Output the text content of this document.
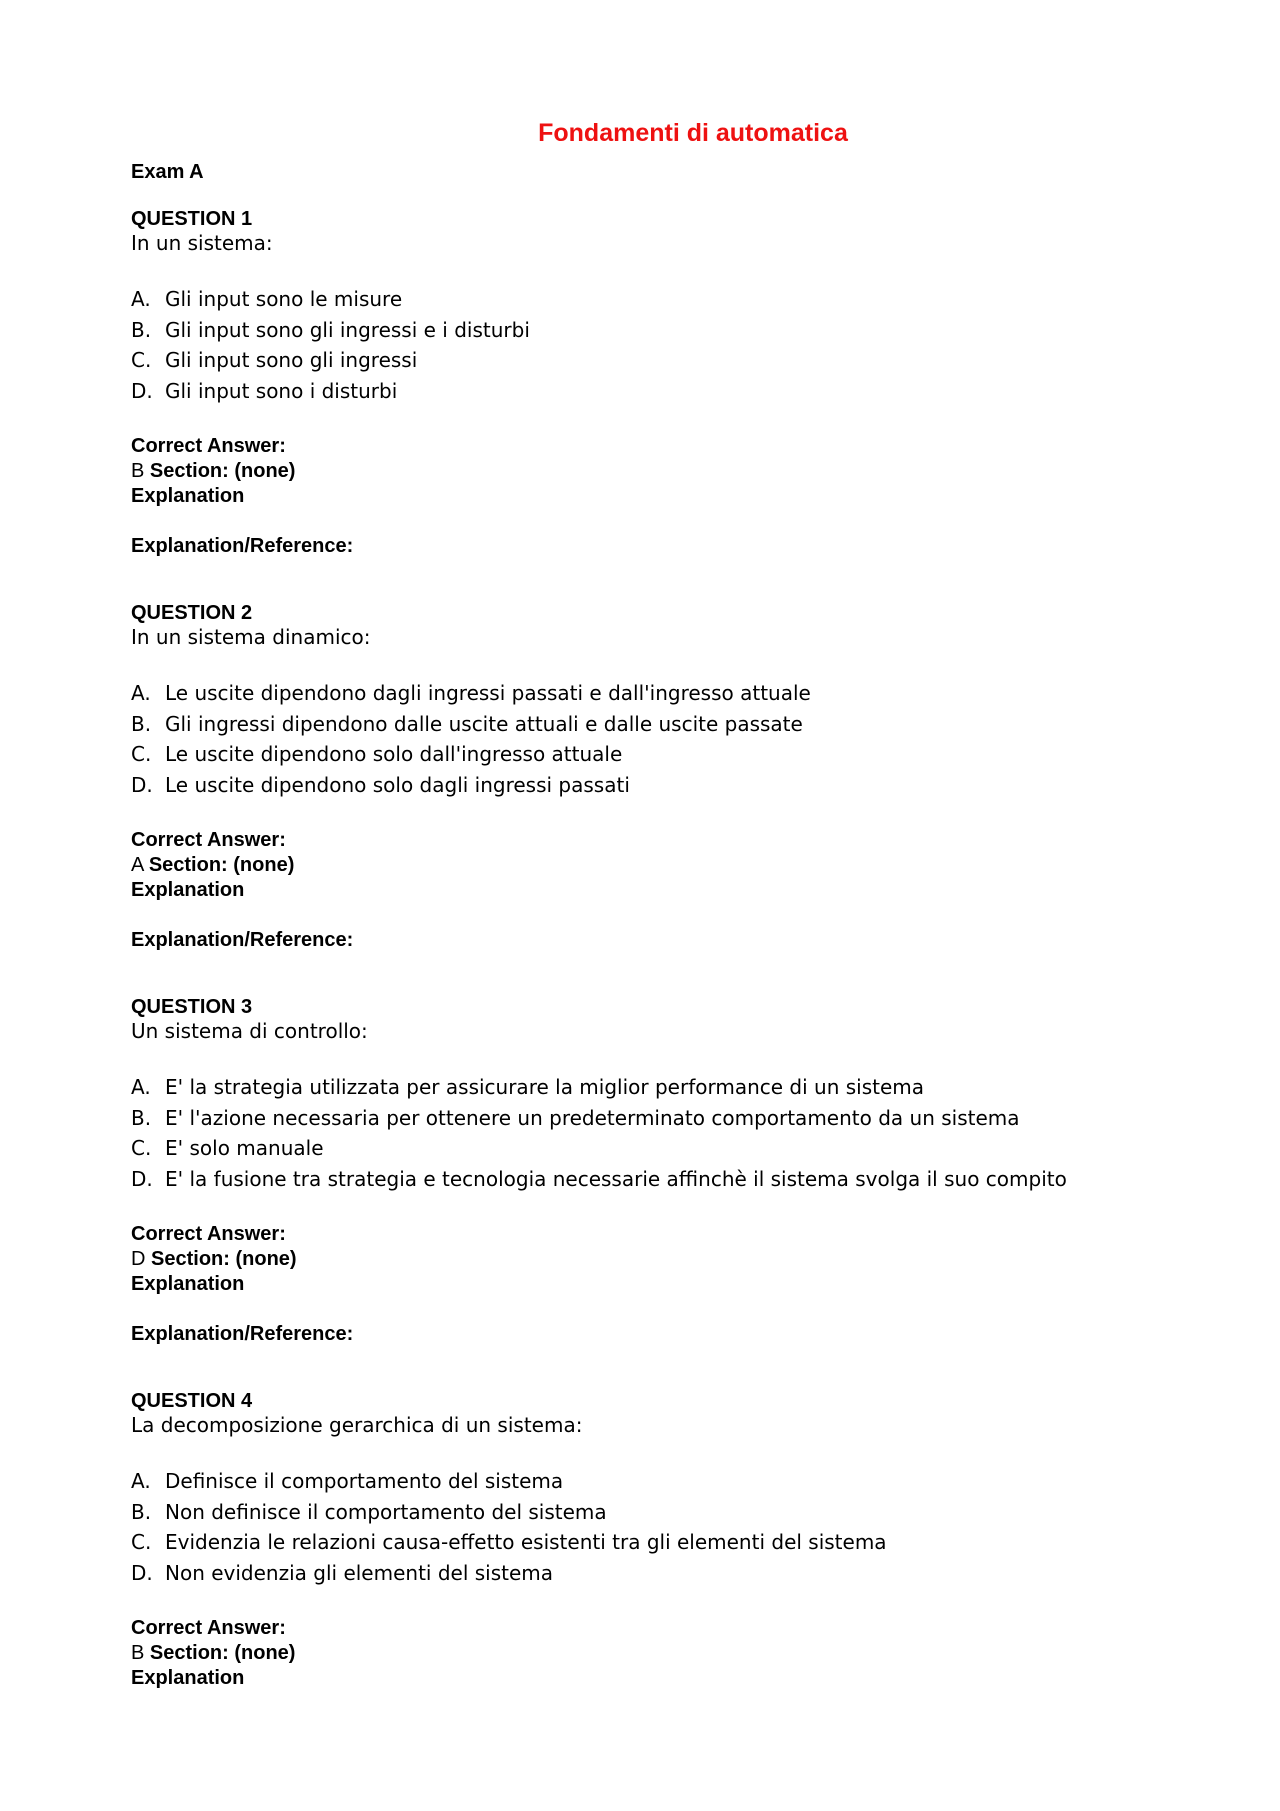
Fondamenti di automatica
Exam A
QUESTION 1
In un sistema:
A. Gli input sono le misure
B. Gli input sono gli ingressi e i disturbi
C. Gli input sono gli ingressi
D. Gli input sono i disturbi
Correct Answer:
B Section: (none)
Explanation
Explanation/Reference:
QUESTION 2
In un sistema dinamico:
A. Le uscite dipendono dagli ingressi passati e dall'ingresso attuale
B. Gli ingressi dipendono dalle uscite attuali e dalle uscite passate
C. Le uscite dipendono solo dall'ingresso attuale
D. Le uscite dipendono solo dagli ingressi passati
Correct Answer:
A Section: (none)
Explanation
Explanation/Reference:
QUESTION 3
Un sistema di controllo:
A. E' la strategia utilizzata per assicurare la miglior performance di un sistema
B. E' l'azione necessaria per ottenere un predeterminato comportamento da un sistema
C. E' solo manuale
D. E' la fusione tra strategia e tecnologia necessarie affinchè il sistema svolga il suo compito
Correct Answer:
D Section: (none)
Explanation
Explanation/Reference:
QUESTION 4
La decomposizione gerarchica di un sistema:
A. Definisce il comportamento del sistema
B. Non definisce il comportamento del sistema
C. Evidenzia le relazioni causa-effetto esistenti tra gli elementi del sistema
D. Non evidenzia gli elementi del sistema
Correct Answer:
B Section: (none)
Explanation
